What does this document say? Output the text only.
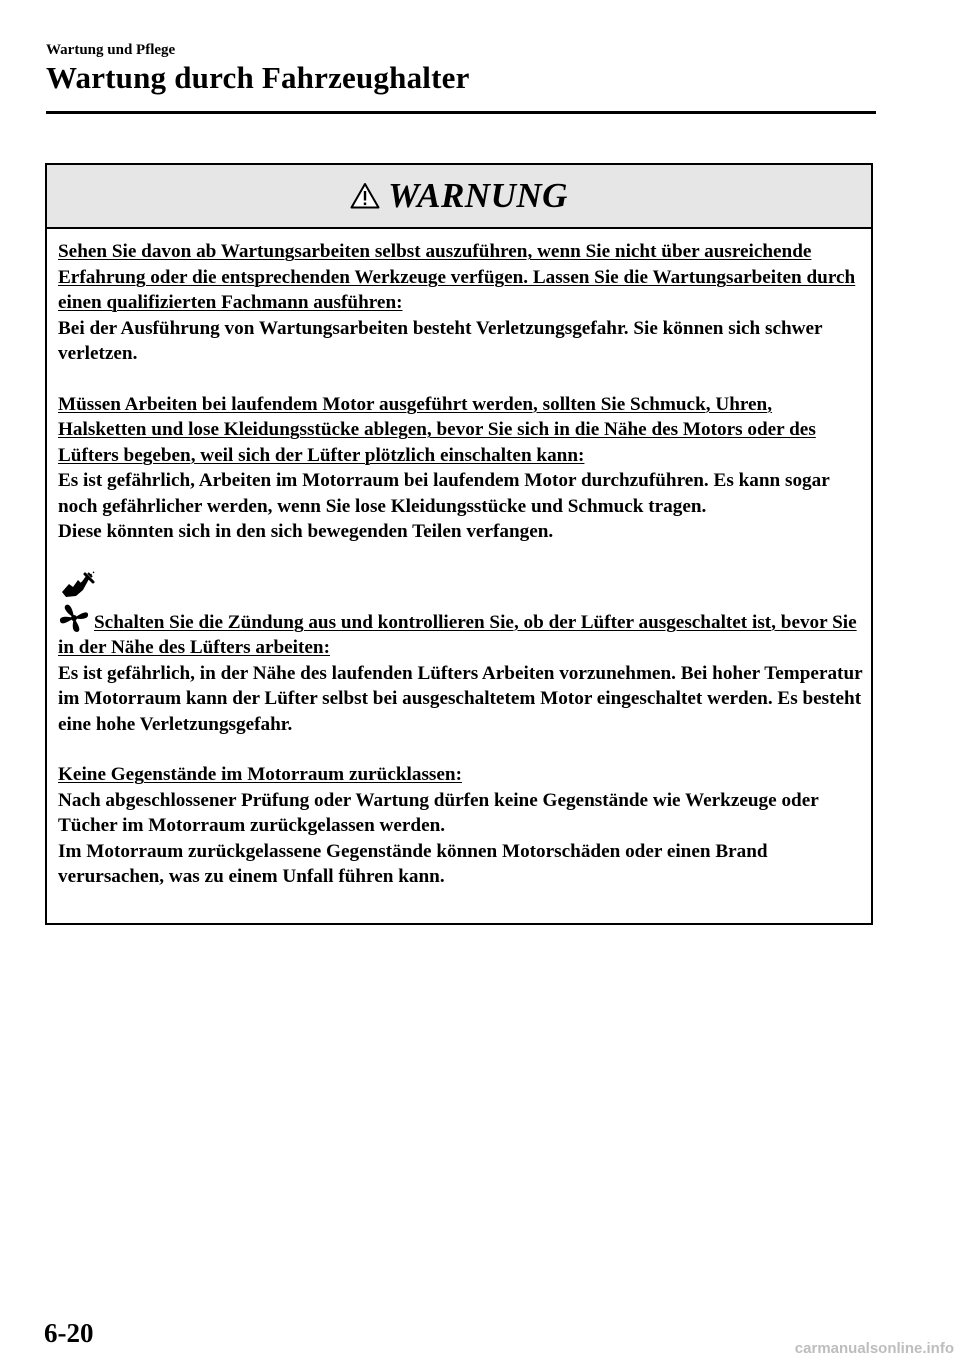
Wartung und Pflege
Wartung durch Fahrzeughalter
WARNUNG
Sehen Sie davon ab Wartungsarbeiten selbst auszuführen, wenn Sie nicht über ausreichende Erfahrung oder die entsprechenden Werkzeuge verfügen. Lassen Sie die Wartungsarbeiten durch einen qualifizierten Fachmann ausführen:
Bei der Ausführung von Wartungsarbeiten besteht Verletzungsgefahr. Sie können sich schwer verletzen.
Müssen Arbeiten bei laufendem Motor ausgeführt werden, sollten Sie Schmuck, Uhren, Halsketten und lose Kleidungsstücke ablegen, bevor Sie sich in die Nähe des Motors oder des Lüfters begeben, weil sich der Lüfter plötzlich einschalten kann:
Es ist gefährlich, Arbeiten im Motorraum bei laufendem Motor durchzuführen. Es kann sogar noch gefährlicher werden, wenn Sie lose Kleidungsstücke und Schmuck tragen.
Diese könnten sich in den sich bewegenden Teilen verfangen.
Schalten Sie die Zündung aus und kontrollieren Sie, ob der Lüfter ausgeschaltet ist, bevor Sie in der Nähe des Lüfters arbeiten:
Es ist gefährlich, in der Nähe des laufenden Lüfters Arbeiten vorzunehmen. Bei hoher Temperatur im Motorraum kann der Lüfter selbst bei ausgeschaltetem Motor eingeschaltet werden. Es besteht eine hohe Verletzungsgefahr.
Keine Gegenstände im Motorraum zurücklassen:
Nach abgeschlossener Prüfung oder Wartung dürfen keine Gegenstände wie Werkzeuge oder Tücher im Motorraum zurückgelassen werden.
Im Motorraum zurückgelassene Gegenstände können Motorschäden oder einen Brand verursachen, was zu einem Unfall führen kann.
6-20
carmanualsonline.info
